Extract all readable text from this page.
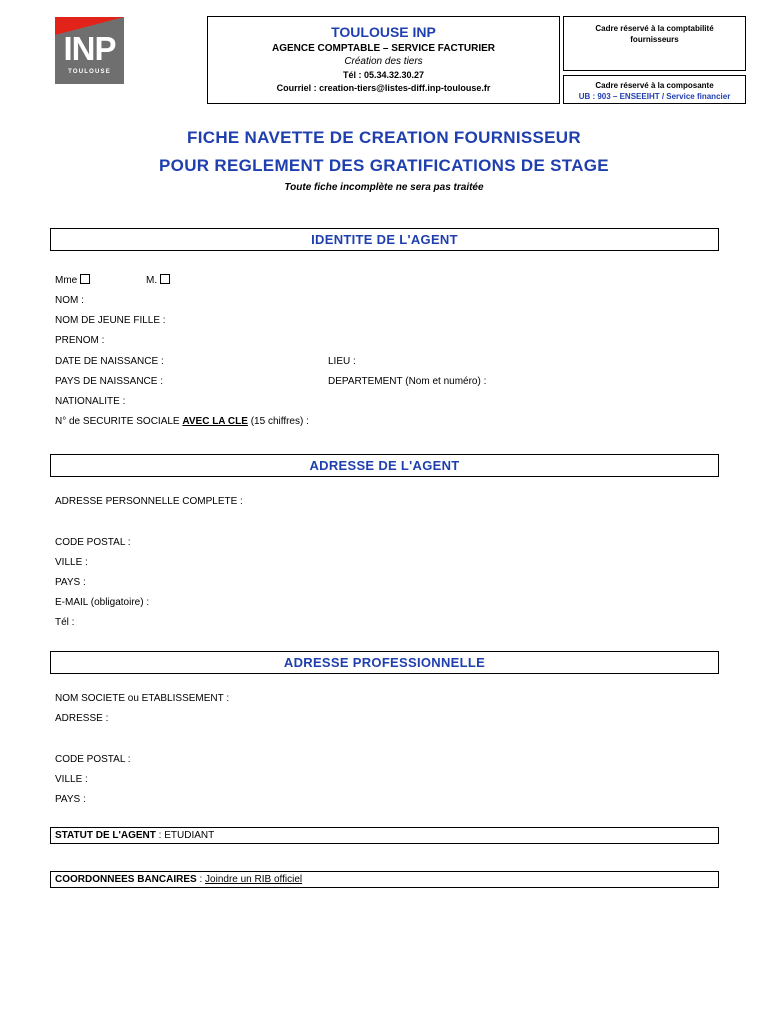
INP
TOULOUSE
TOULOUSE INP
AGENCE COMPTABLE – SERVICE FACTURIER
Création des tiers
Tél : 05.34.32.30.27
Courriel : creation-tiers@listes-diff.inp-toulouse.fr
Cadre réservé à la comptabilité
fournisseurs
Cadre réservé à la composante
UB : 903 – ENSEEIHT / Service financier
FICHE NAVETTE DE CREATION FOURNISSEUR
POUR REGLEMENT DES GRATIFICATIONS DE STAGE
Toute fiche incomplète ne sera pas traitée
IDENTITE DE L'AGENT
Mme	M.
NOM :
NOM DE JEUNE FILLE :
PRENOM :
DATE DE NAISSANCE :	LIEU :
PAYS DE NAISSANCE :	DEPARTEMENT (Nom et numéro) :
NATIONALITE :
N° de SECURITE SOCIALE AVEC LA CLE (15 chiffres) :
ADRESSE DE L'AGENT
ADRESSE PERSONNELLE COMPLETE :
CODE POSTAL :
VILLE :
PAYS :
E-MAIL (obligatoire) :
Tél :
ADRESSE PROFESSIONNELLE
NOM SOCIETE ou ETABLISSEMENT :
ADRESSE :
CODE POSTAL :
VILLE :
PAYS :
STATUT DE L'AGENT : ETUDIANT
COORDONNEES BANCAIRES : Joindre un RIB officiel
